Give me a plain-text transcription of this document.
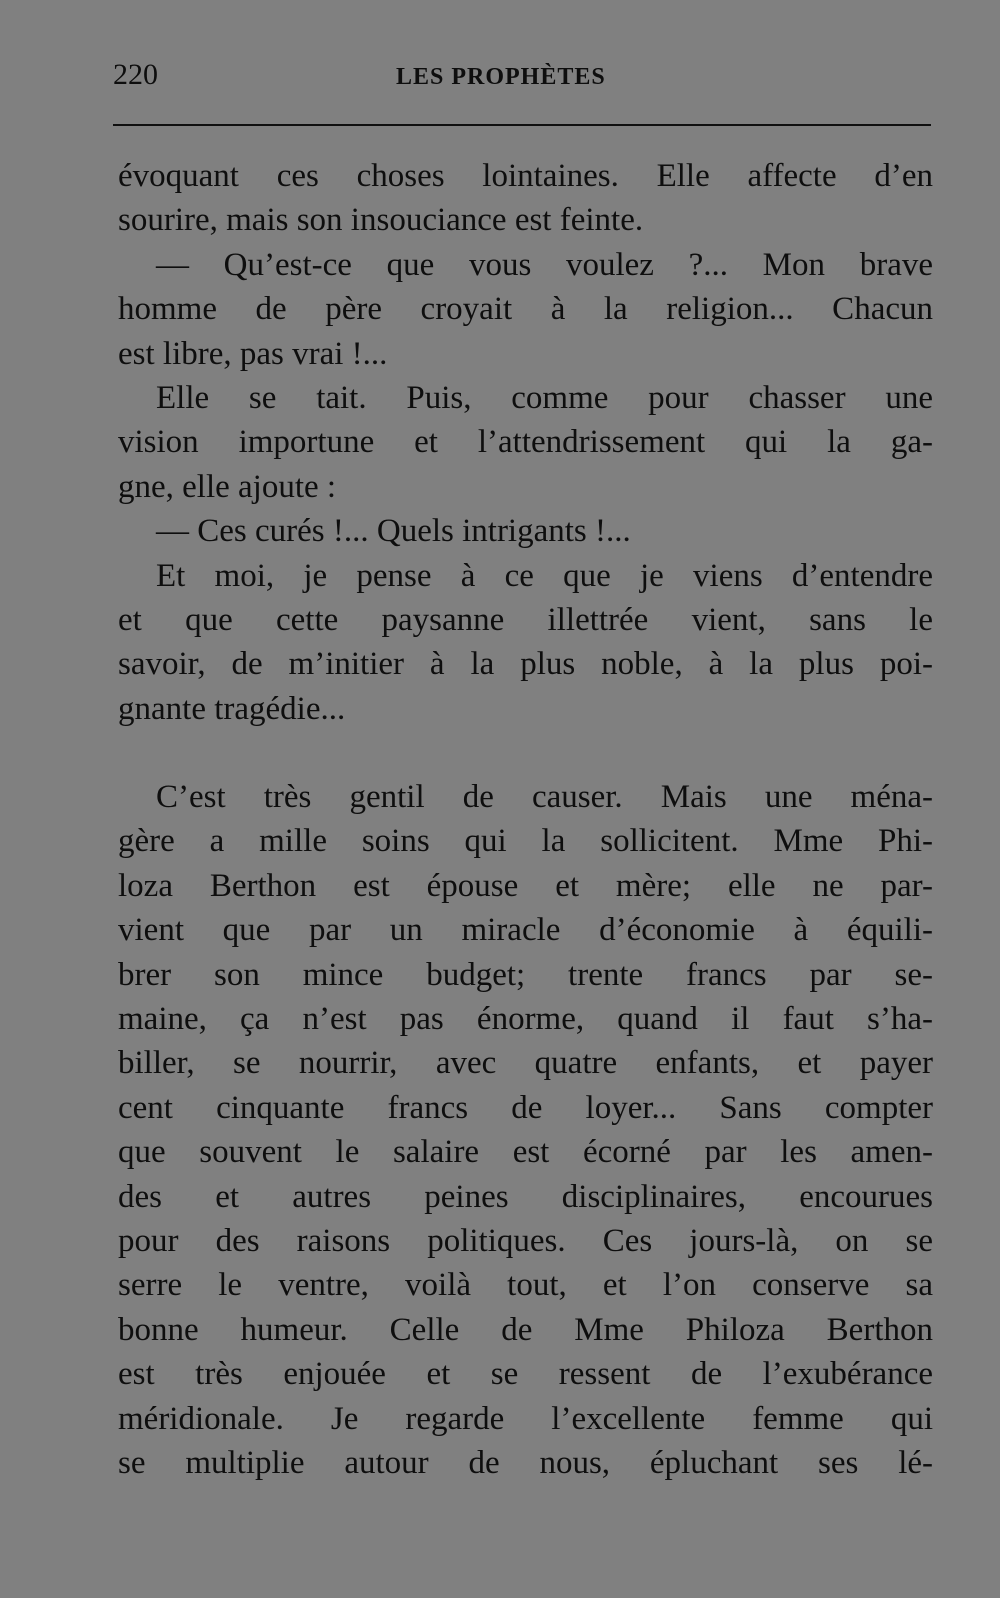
220	LES PROPHÈTES
évoquant ces choses lointaines. Elle affecte d’en
sourire, mais son insouciance est feinte.
— Qu’est-ce que vous voulez ?... Mon brave
homme de père croyait à la religion... Chacun
est libre, pas vrai !...
Elle se tait. Puis, comme pour chasser une
vision importune et l’attendrissement qui la ga-
gne, elle ajoute :
— Ces curés !... Quels intrigants !...
Et moi, je pense à ce que je viens d’entendre
et que cette paysanne illettrée vient, sans le
savoir, de m’initier à la plus noble, à la plus poi-
gnante tragédie...
C’est très gentil de causer. Mais une ména-
gère a mille soins qui la sollicitent. Mme Phi-
loza Berthon est épouse et mère; elle ne par-
vient que par un miracle d’économie à équili-
brer son mince budget; trente francs par se-
maine, ça n’est pas énorme, quand il faut s’ha-
biller, se nourrir, avec quatre enfants, et payer
cent cinquante francs de loyer... Sans compter
que souvent le salaire est écorné par les amen-
des et autres peines disciplinaires, encourues
pour des raisons politiques. Ces jours-là, on se
serre le ventre, voilà tout, et l’on conserve sa
bonne humeur. Celle de Mme Philoza Berthon
est très enjouée et se ressent de l’exubérance
méridionale. Je regarde l’excellente femme qui
se multiplie autour de nous, épluchant ses lé-
